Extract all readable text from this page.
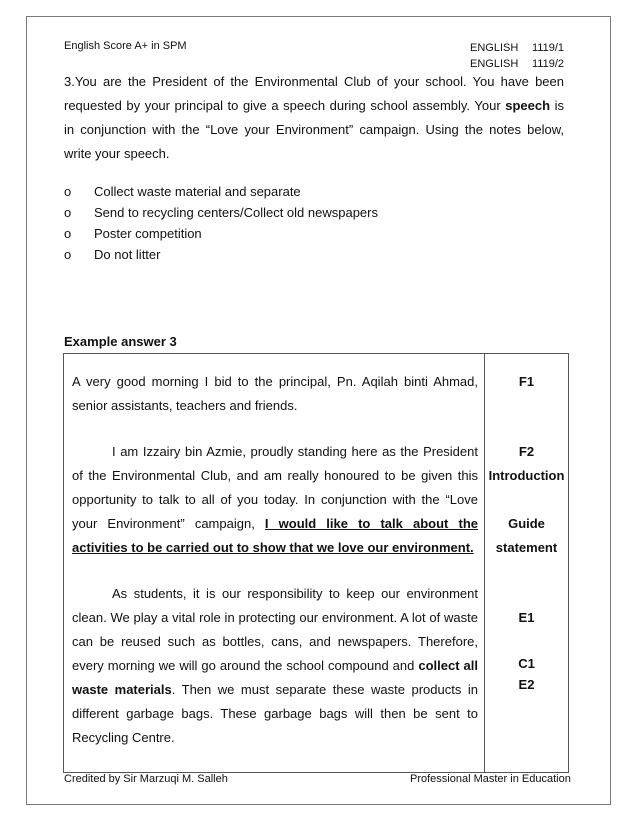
English Score A+ in SPM	ENGLISH	1119/1
ENGLISH	1119/2
3.You are the President of the Environmental Club of your school. You have been requested by your principal to give a speech during school assembly. Your speech is in conjunction with the “Love your Environment” campaign. Using the notes below, write your speech.
o	Collect waste material and separate
o	Send to recycling centers/Collect old newspapers
o	Poster competition
o	Do not litter
Example answer 3

A very good morning I bid to the principal, Pn. Aqilah binti Ahmad, senior assistants, teachers and friends.

I am Izzairy bin Azmie, proudly standing here as the President of the Environmental Club, and am really honoured to be given this opportunity to talk to all of you today. In conjunction with the “Love your Environment” campaign, I would like to talk about the activities to be carried out to show that we love our environment.

As students, it is our responsibility to keep our environment clean. We play a vital role in protecting our environment. A lot of waste can be reused such as bottles, cans, and newspapers. Therefore, every morning we will go around the school compound and collect all waste materials. Then we must separate these waste products in different garbage bags. These garbage bags will then be sent to Recycling Centre.

F1
F2
Introduction
Guide
statement
E1
C1
E2
Credited by Sir Marzuqi M. Salleh	Professional Master in Education
